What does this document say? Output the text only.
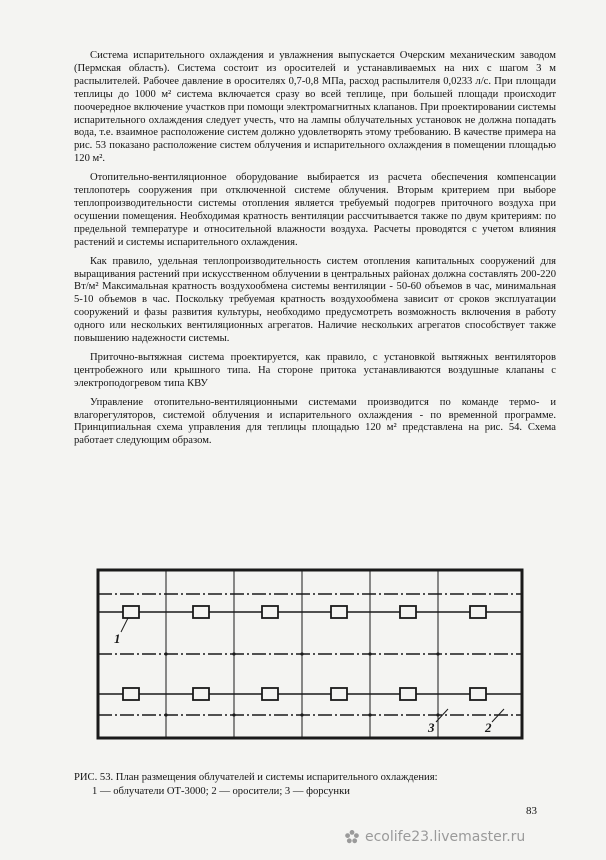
Система испарительного охлаждения и увлажнения выпускается Очерским механическим заводом (Пермская область). Система состоит из оросителей и устанавливаемых на них с шагом 3 м распылителей. Рабочее давление в оросителях 0,7-0,8 МПа, расход распылителя 0,0233 л/с. При площади теплицы до 1000 м² система включается сразу во всей теплице, при большей площади происходит поочередное включение участков при помощи электромагнитных клапанов. При проектировании системы испарительного охлаждения следует учесть, что на лампы облучательных установок не должна попадать вода, т.е. взаимное расположение систем должно удовлетворять этому требованию. В качестве примера на рис. 53 показано расположение систем облучения и испарительного охлаждения в помещении площадью 120 м².

Отопительно-вентиляционное оборудование выбирается из расчета обеспечения компенсации теплопотерь сооружения при отключенной системе облучения. Вторым критерием при выборе теплопроизводительности системы отопления является требуемый подогрев приточного воздуха при осушении помещения. Необходимая кратность вентиляции рассчитывается также по двум критериям: по предельной температуре и относительной влажности воздуха. Расчеты проводятся с учетом влияния растений и системы испарительного охлаждения.

Как правило, удельная теплопроизводительность систем отопления капитальных сооружений для выращивания растений при искусственном облучении в центральных районах должна составлять 200-220 Вт/м² Максимальная кратность воздухообмена системы вентиляции - 50-60 объемов в час, минимальная 5-10 объемов в час. Поскольку требуемая кратность воздухообмена зависит от сроков эксплуатации сооружений и фазы развития культуры, необходимо предусмотреть возможность включения в работу одного или нескольких вентиляционных агрегатов. Наличие нескольких агрегатов способствует также повышению надежности системы.

Приточно-вытяжная система проектируется, как правило, с установкой вытяжных вентиляторов центробежного или крышного типа. На стороне притока устанавливаются воздушные клапаны с электроподогревом типа КВУ

Управление отопительно-вентиляционными системами производится по команде термо- и влагорегуляторов, системой облучения и испарительного охлаждения - по временной программе. Принципиальная схема управления для теплицы площадью 120 м² представлена на рис. 54. Схема работает следующим образом.

1
3	2
РИС. 53. План размещения облучателей и системы испарительного охлаждения:
1 — облучатели ОТ-3000; 2 — оросители; 3 — форсунки
83
ecolife23.livemaster.ru
